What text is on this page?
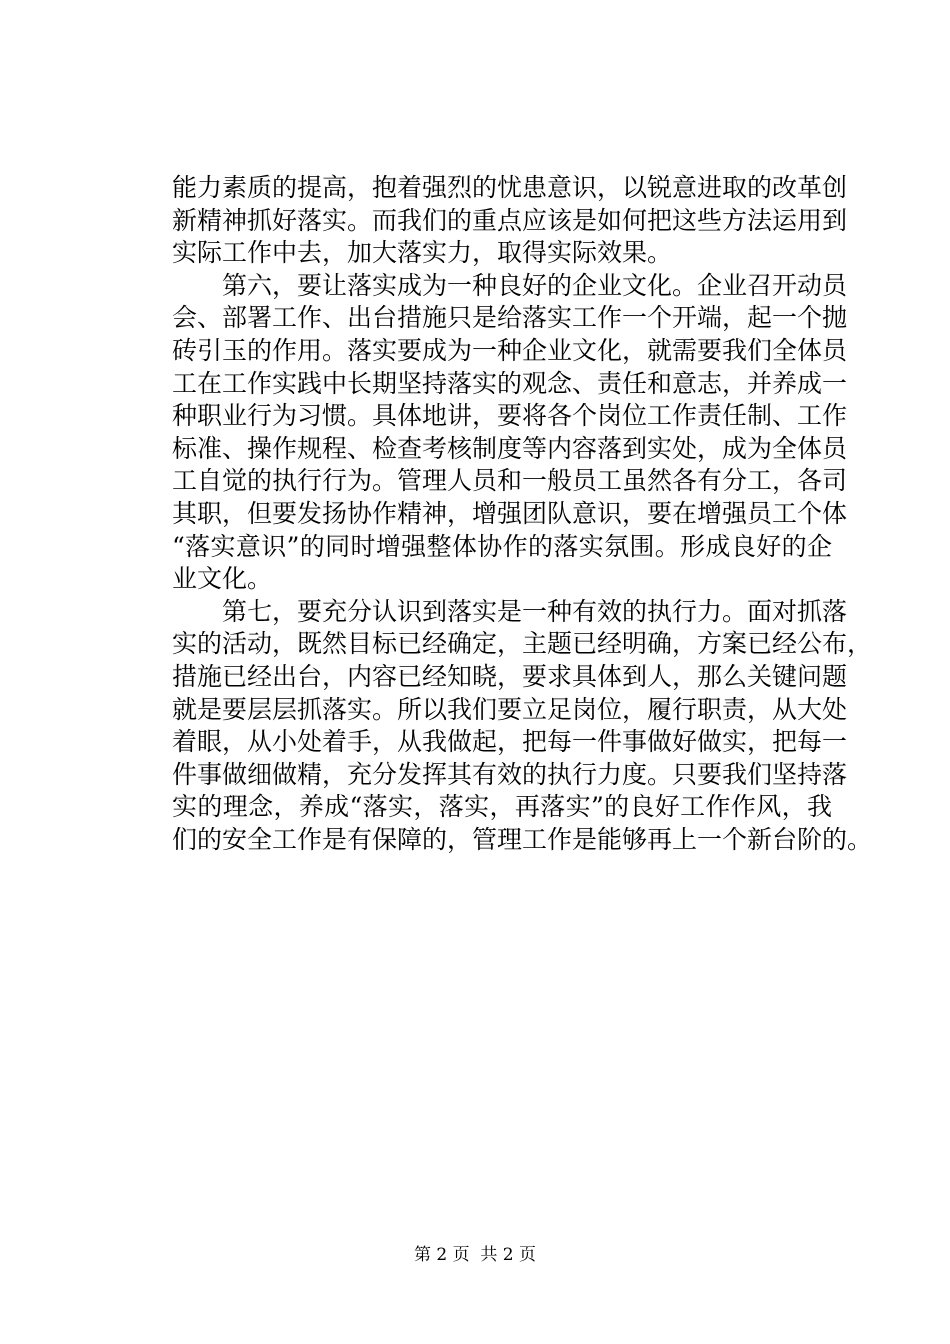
能力素质的提高，抱着强烈的忧患意识，以锐意进取的改革创
新精神抓好落实。而我们的重点应该是如何把这些方法运用到
实际工作中去，加大落实力，取得实际效果。
　　第六，要让落实成为一种良好的企业文化。企业召开动员
会、部署工作、出台措施只是给落实工作一个开端，起一个抛
砖引玉的作用。落实要成为一种企业文化，就需要我们全体员
工在工作实践中长期坚持落实的观念、责任和意志，并养成一
种职业行为习惯。具体地讲，要将各个岗位工作责任制、工作
标准、操作规程、检查考核制度等内容落到实处，成为全体员
工自觉的执行行为。管理人员和一般员工虽然各有分工，各司
其职，但要发扬协作精神，增强团队意识，要在增强员工个体
“落实意识”的同时增强整体协作的落实氛围。形成良好的企
业文化。
　　第七，要充分认识到落实是一种有效的执行力。面对抓落
实的活动，既然目标已经确定，主题已经明确，方案已经公布，
措施已经出台，内容已经知晓，要求具体到人，那么关键问题
就是要层层抓落实。所以我们要立足岗位，履行职责，从大处
着眼，从小处着手，从我做起，把每一件事做好做实，把每一
件事做细做精，充分发挥其有效的执行力度。只要我们坚持落
实的理念，养成“落实，落实，再落实”的良好工作作风，我
们的安全工作是有保障的，管理工作是能够再上一个新台阶的。
第 2 页  共 2 页
